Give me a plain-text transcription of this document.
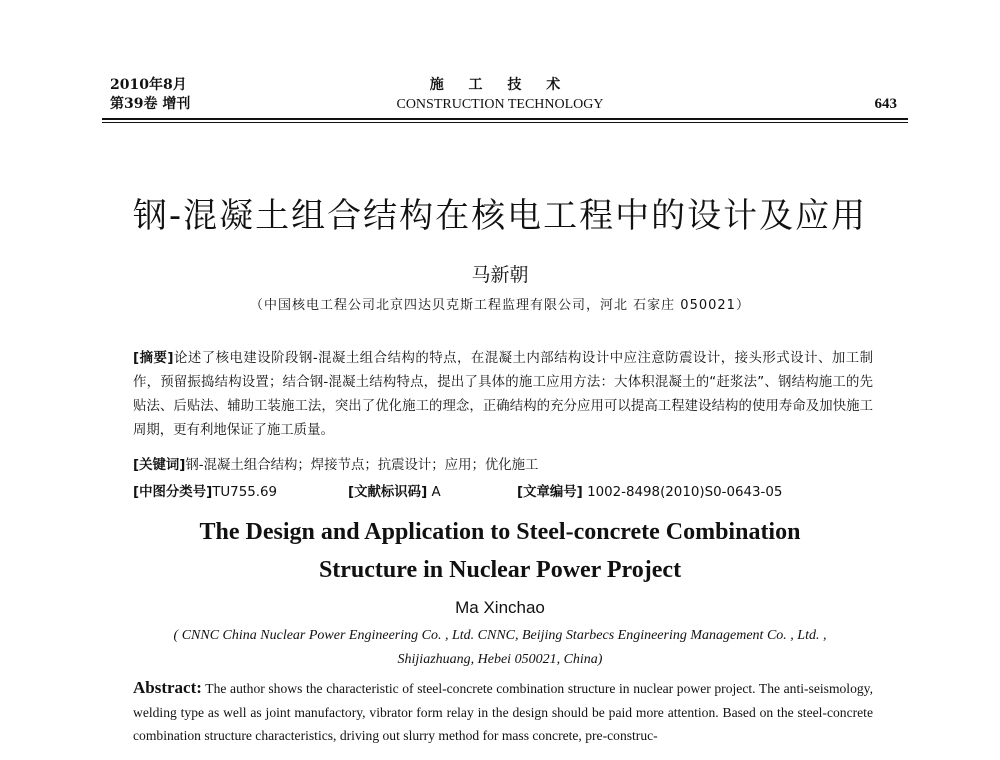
2010年8月
第39卷 增刊
施 工 技 术
CONSTRUCTION TECHNOLOGY	643
钢-混凝土组合结构在核电工程中的设计及应用
马新朝
（中国核电工程公司北京四达贝克斯工程监理有限公司，河北 石家庄 050021）
[摘要]论述了核电建设阶段钢-混凝土组合结构的特点，在混凝土内部结构设计中应注意防震设计，接头形式设计、加工制作，预留振捣结构设置；结合钢-混凝土结构特点，提出了具体的施工应用方法：大体积混凝土的“赶浆法”、钢结构施工的先贴法、后贴法、辅助工装施工法，突出了优化施工的理念，正确结构的充分应用可以提高工程建设结构的使用寿命及加快施工周期，更有利地保证了施工质量。
[关键词]钢-混凝土组合结构；焊接节点；抗震设计；应用；优化施工
[中图分类号]TU755.69	[文献标识码] A	[文章编号] 1002-8498(2010)S0-0643-05
The Design and Application to Steel-concrete Combination
Structure in Nuclear Power Project
Ma Xinchao
( CNNC China Nuclear Power Engineering Co. , Ltd. CNNC, Beijing Starbecs Engineering Management Co. , Ltd. ,
Shijiazhuang, Hebei 050021, China)
Abstract: The author shows the characteristic of steel-concrete combination structure in nuclear power project. The anti-seismology, welding type as well as joint manufactory, vibrator form relay in the design should be paid more attention. Based on the steel-concrete combination structure characteristics, driving out slurry method for mass concrete, pre-construc-
